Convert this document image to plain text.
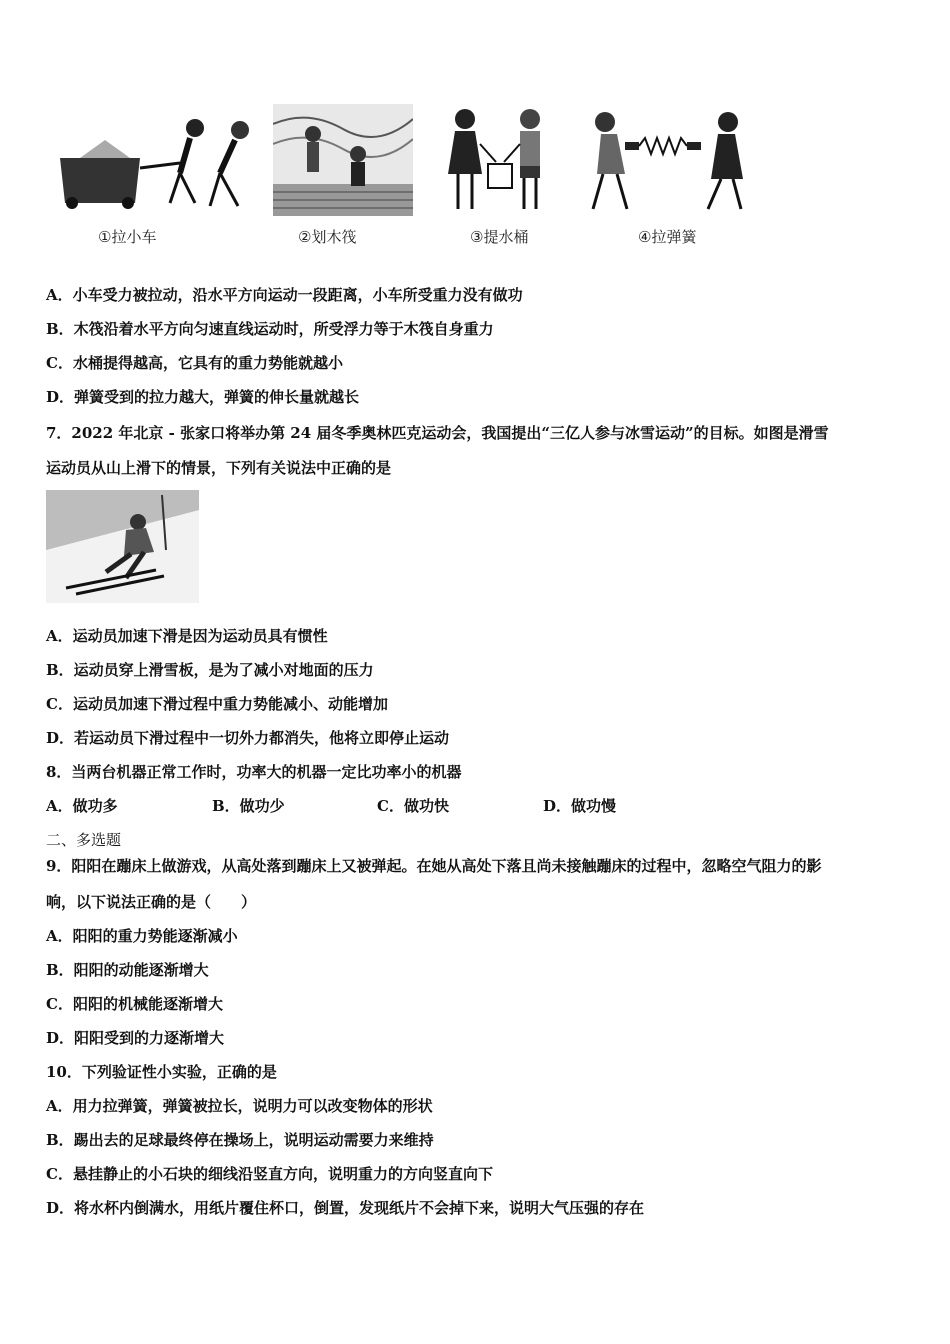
①拉小车	②划木筏	③提水桶	④拉弹簧
A．小车受力被拉动，沿水平方向运动一段距离，小车所受重力没有做功
B．木筏沿着水平方向匀速直线运动时，所受浮力等于木筏自身重力
C．水桶提得越高，它具有的重力势能就越小
D．弹簧受到的拉力越大，弹簧的伸长量就越长
7．2022 年北京 - 张家口将举办第 24 届冬季奥林匹克运动会，我国提出“三亿人参与冰雪运动”的目标。如图是滑雪
运动员从山上滑下的情景，下列有关说法中正确的是
A．运动员加速下滑是因为运动员具有惯性
B．运动员穿上滑雪板，是为了减小对地面的压力
C．运动员加速下滑过程中重力势能减小、动能增加
D．若运动员下滑过程中一切外力都消失，他将立即停止运动
8．当两台机器正常工作时，功率大的机器一定比功率小的机器
A．做功多	B．做功少	C．做功快	D．做功慢
二、多选题
9．阳阳在蹦床上做游戏，从高处落到蹦床上又被弹起。在她从高处下落且尚未接触蹦床的过程中，忽略空气阻力的影
响，以下说法正确的是（　　）
A．阳阳的重力势能逐渐减小
B．阳阳的动能逐渐增大
C．阳阳的机械能逐渐增大
D．阳阳受到的力逐渐增大
10．下列验证性小实验，正确的是
A．用力拉弹簧，弹簧被拉长，说明力可以改变物体的形状
B．踢出去的足球最终停在操场上，说明运动需要力来维持
C．悬挂静止的小石块的细线沿竖直方向，说明重力的方向竖直向下
D．将水杯内倒满水，用纸片覆住杯口，倒置，发现纸片不会掉下来，说明大气压强的存在
